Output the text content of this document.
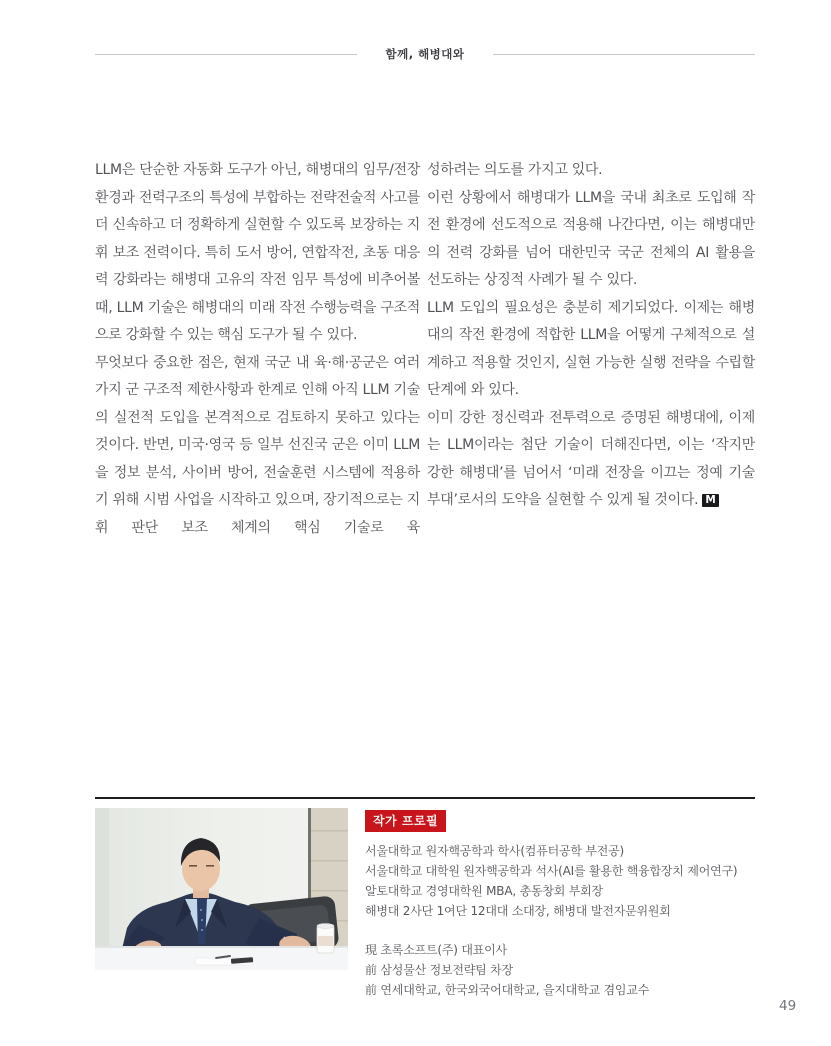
함께, 해병대와

LLM은 단순한 자동화 도구가 아닌, 해병대의 임무/전장 환경과 전력구조의 특성에 부합하는 전략전술적 사고를 더 신속하고 더 정확하게 실현할 수 있도록 보장하는 지휘 보조 전력이다. 특히 도서 방어, 연합작전, 초동 대응력 강화라는 해병대 고유의 작전 임무 특성에 비추어볼 때, LLM 기술은 해병대의 미래 작전 수행능력을 구조적으로 강화할 수 있는 핵심 도구가 될 수 있다.

무엇보다 중요한 점은, 현재 국군 내 육·해·공군은 여러 가지 군 구조적 제한사항과 한계로 인해 아직 LLM 기술의 실전적 도입을 본격적으로 검토하지 못하고 있다는 것이다. 반면, 미국·영국 등 일부 선진국 군은 이미 LLM을 정보 분석, 사이버 방어, 전술훈련 시스템에 적용하기 위해 시범 사업을 시작하고 있으며, 장기적으로는 지휘 판단 보조 체계의 핵심 기술로 육

성하려는 의도를 가지고 있다.

이런 상황에서 해병대가 LLM을 국내 최초로 도입해 작전 환경에 선도적으로 적용해 나간다면, 이는 해병대만의 전력 강화를 넘어 대한민국 국군 전체의 AI 활용을 선도하는 상징적 사례가 될 수 있다.

LLM 도입의 필요성은 충분히 제기되었다. 이제는 해병대의 작전 환경에 적합한 LLM을 어떻게 구체적으로 설계하고 적용할 것인지, 실현 가능한 실행 전략을 수립할 단계에 와 있다.

이미 강한 정신력과 전투력으로 증명된 해병대에, 이제는 LLM이라는 첨단 기술이 더해진다면, 이는 ‘작지만 강한 해병대’를 넘어서 ‘미래 전장을 이끄는 정예 기술부대’로서의 도약을 실현할 수 있게 될 것이다. M

작가 프로필
서울대학교 원자핵공학과 학사(컴퓨터공학 부전공)
서울대학교 대학원 원자핵공학과 석사(AI를 활용한 핵융합장치 제어연구)
알토대학교 경영대학원 MBA, 총동창회 부회장
해병대 2사단 1여단 12대대 소대장, 해병대 발전자문위원회
現 초록소프트(주) 대표이사
前 삼성물산 정보전략팀 차장
前 연세대학교, 한국외국어대학교, 을지대학교 겸임교수
49
